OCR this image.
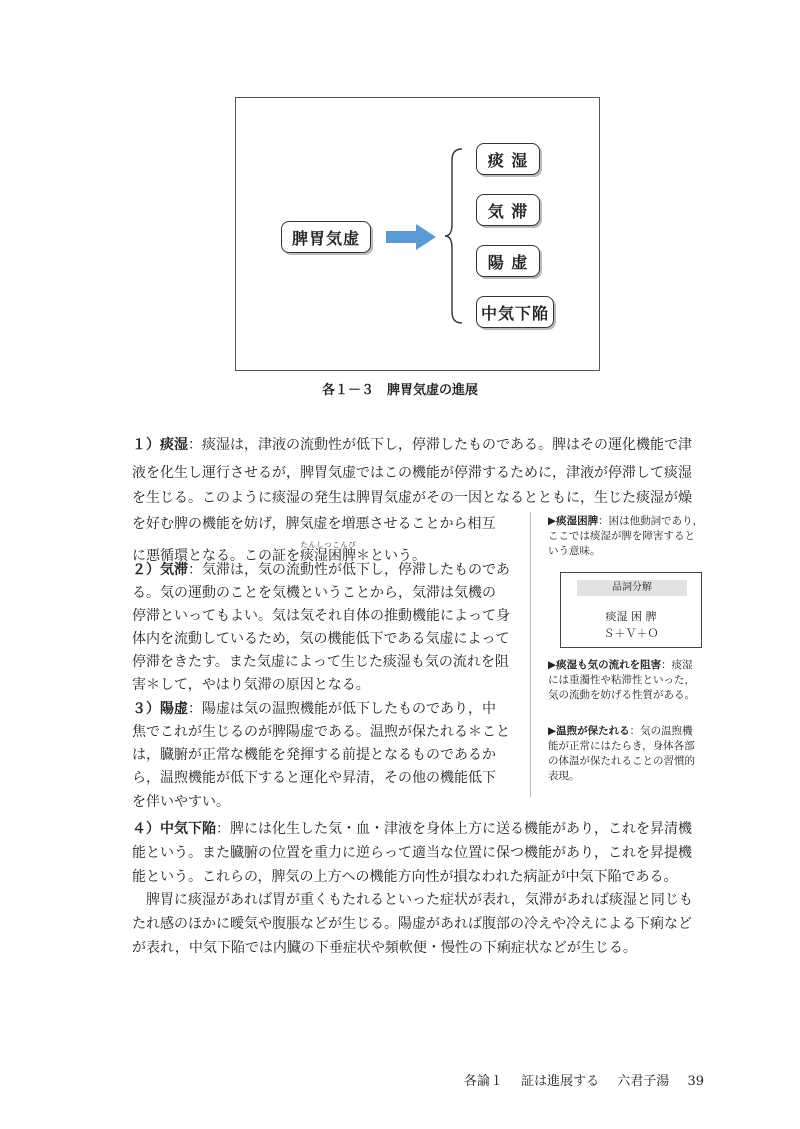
脾胃気虚
痰 湿
気 滞
陽 虚
中気下陥
各１－３　脾胃気虚の進展
１）痰湿：痰湿は，津液の流動性が低下し，停滞したものである。脾はその運化機能で津
液を化生し運行させるが，脾胃気虚ではこの機能が停滞するために，津液が停滞して痰湿
を生じる。このように痰湿の発生は脾胃気虚がその一因となるとともに，生じた痰湿が燥
を好む脾の機能を妨げ，脾気虚を増悪させることから相互
に悪循環となる。この証を痰湿困脾たんしつこんぴ＊という。
２）気滞：気滞は，気の流動性が低下し，停滞したものであ
る。気の運動のことを気機ということから，気滞は気機の
停滞といってもよい。気は気それ自体の推動機能によって身
体内を流動しているため，気の機能低下である気虚によって
停滞をきたす。また気虚によって生じた痰湿も気の流れを阻
害＊して，やはり気滞の原因となる。
３）陽虚：陽虚は気の温煦機能が低下したものであり，中
焦でこれが生じるのが脾陽虚である。温煦が保たれる＊こと
は，臓腑が正常な機能を発揮する前提となるものであるか
ら，温煦機能が低下すると運化や昇清，その他の機能低下
を伴いやすい。
４）中気下陥：脾には化生した気・血・津液を身体上方に送る機能があり，これを昇清機
能という。また臓腑の位置を重力に逆らって適当な位置に保つ機能があり，これを昇提機
能という。これらの，脾気の上方への機能方向性が損なわれた病証が中気下陥である。
　脾胃に痰湿があれば胃が重くもたれるといった症状が表れ，気滞があれば痰湿と同じも
たれ感のほかに曖気や腹脹などが生じる。陽虚があれば腹部の冷えや冷えによる下痢など
が表れ，中気下陥では内臓の下垂症状や頻軟便・慢性の下痢症状などが生じる。
▶痰湿困脾：困は他動詞であり，
ここでは痰湿が脾を障害すると
いう意味。
品詞分解
痰湿 困 脾
Ｓ＋Ｖ＋Ｏ
▶痰湿も気の流れを阻害：痰湿
には重濁性や粘滞性といった，
気の流動を妨げる性質がある。
▶温煦が保たれる：気の温煦機
能が正常にはたらき，身体各部
の体温が保たれることの習慣的
表現。
各論１ 証は進展する 六君子湯 39
